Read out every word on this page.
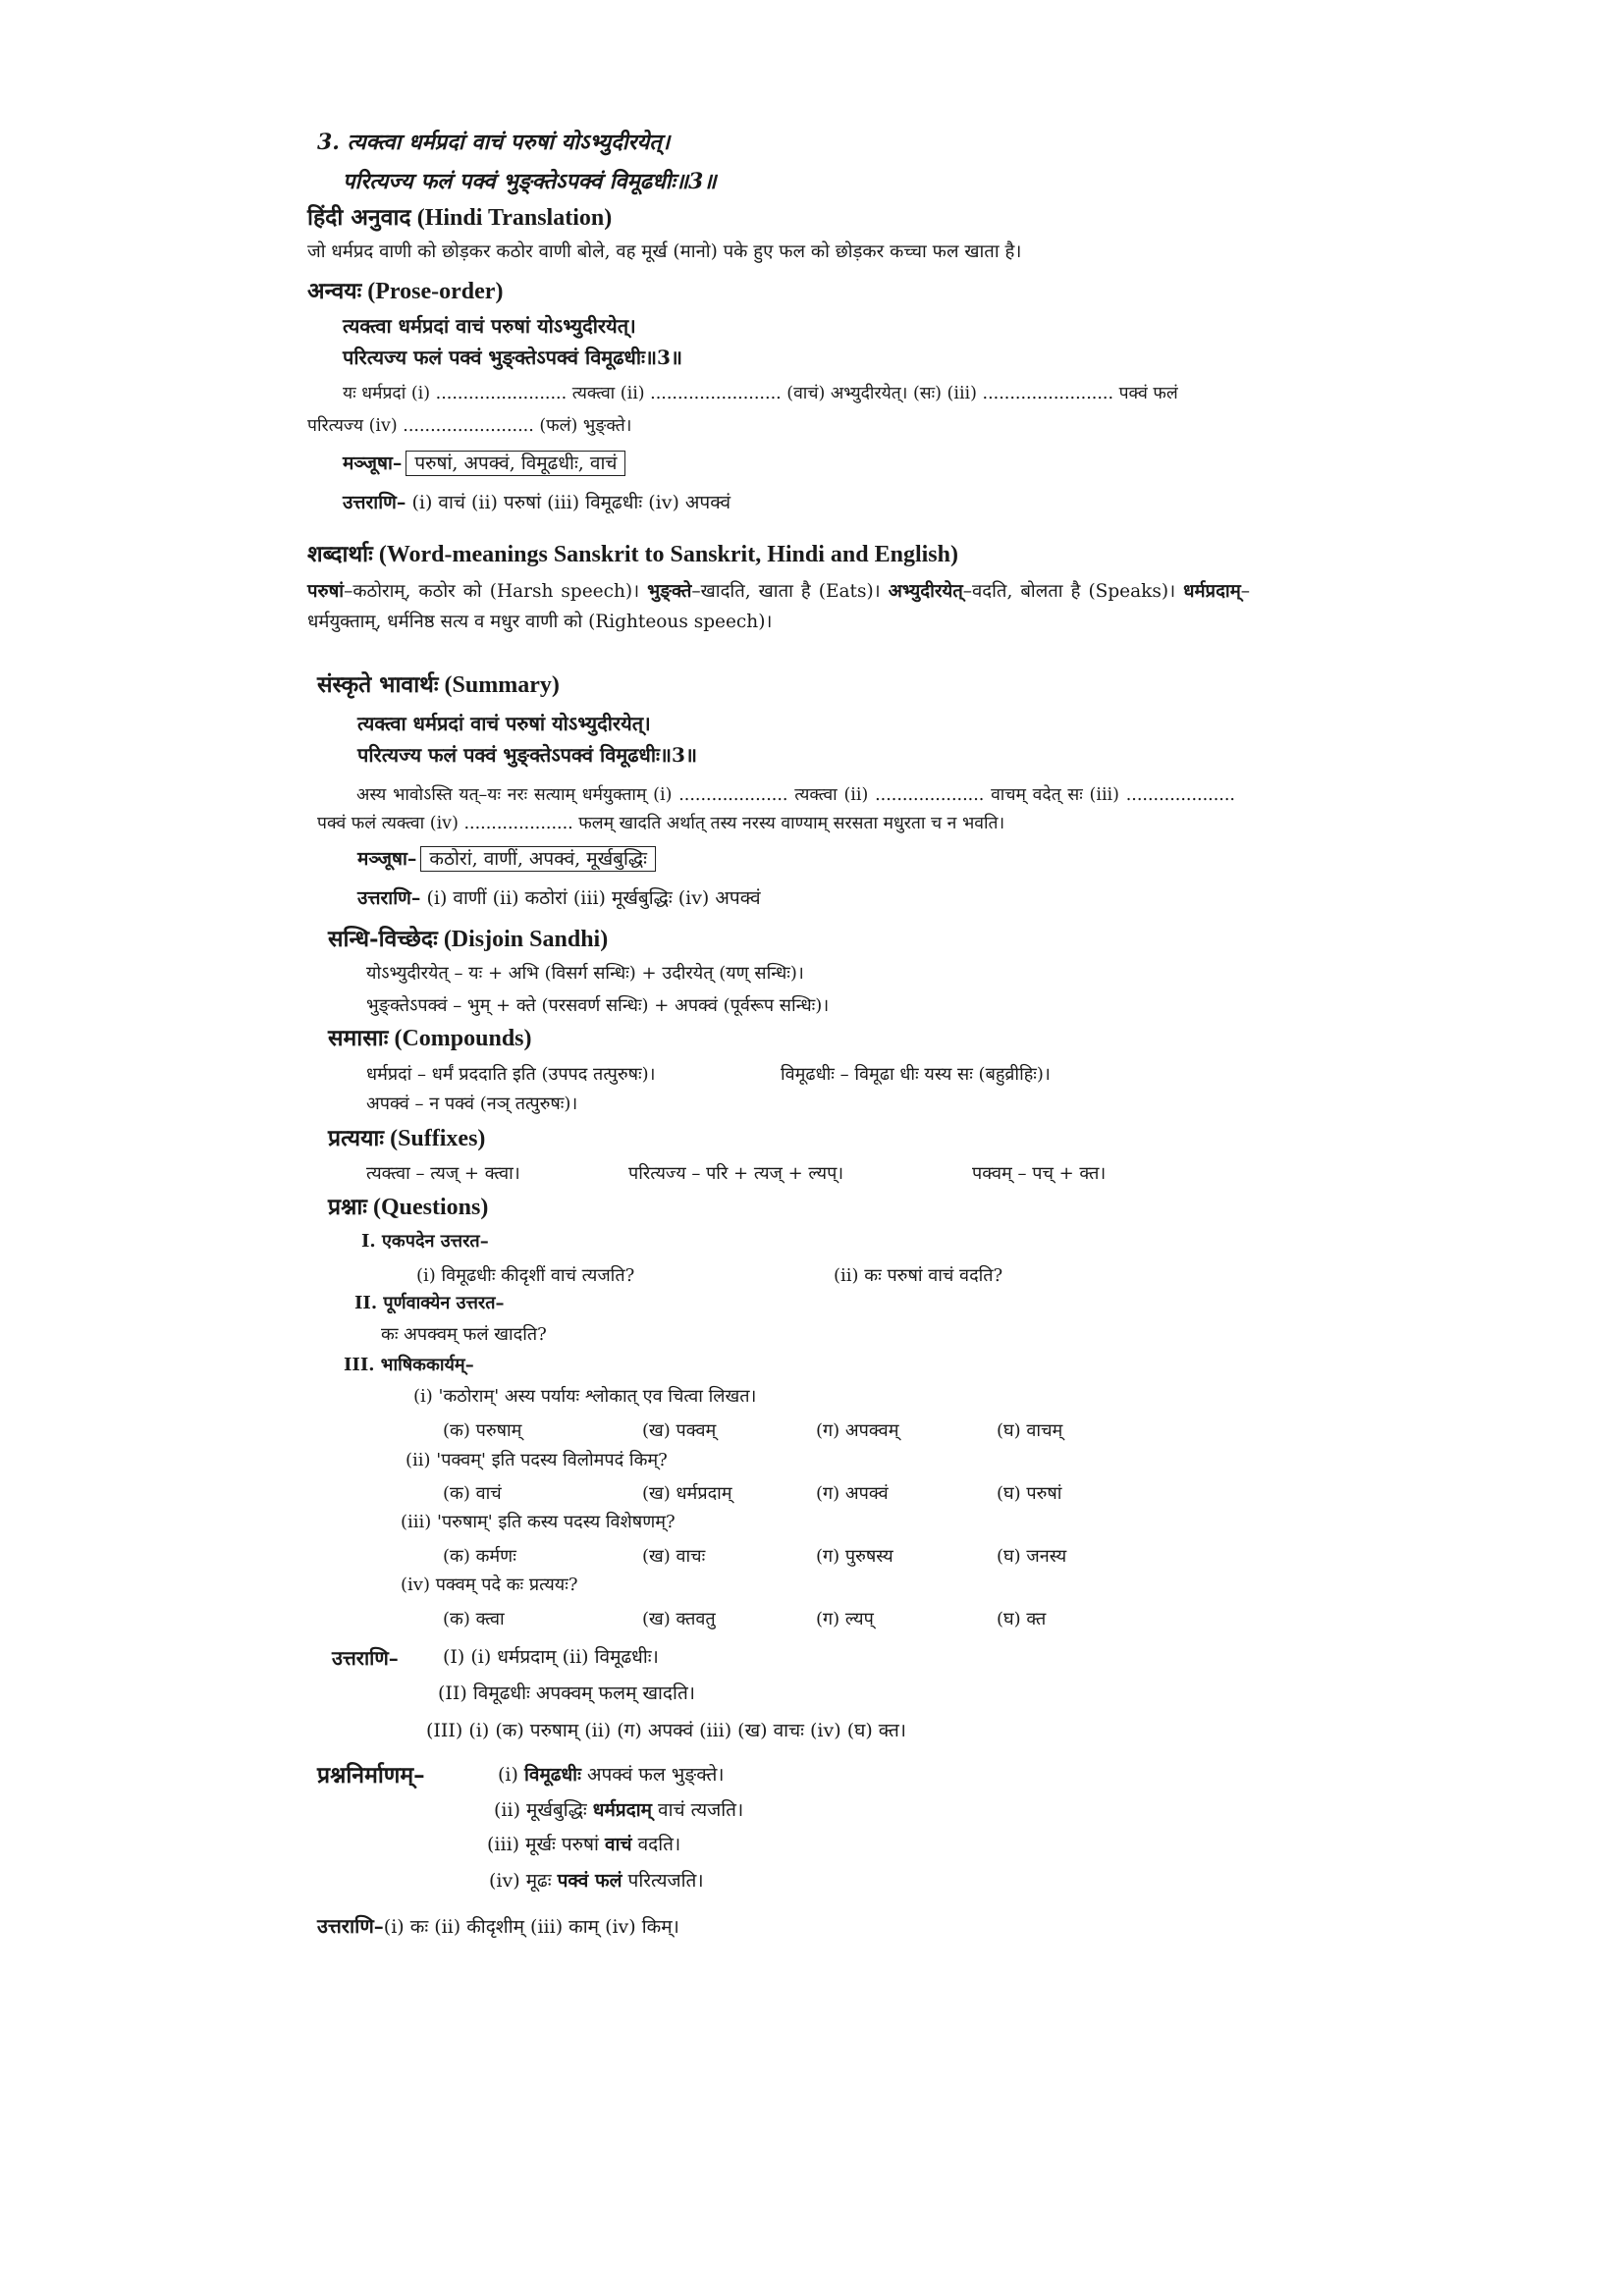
3. त्यक्त्वा धर्मप्रदां वाचं परुषां योऽभ्युदीरयेत्।
परित्यज्य फलं पक्वं भुङ्क्तेऽपक्वं विमूढधीः॥3॥
हिंदी अनुवाद (Hindi Translation)
जो धर्मप्रद वाणी को छोड़कर कठोर वाणी बोले, वह मूर्ख (मानो) पके हुए फल को छोड़कर कच्चा फल खाता है।
अन्वयः (Prose-order)
त्यक्त्वा धर्मप्रदां वाचं परुषां योऽभ्युदीरयेत्।
परित्यज्य फलं पक्वं भुङ्क्तेऽपक्वं विमूढधीः॥3॥
यः धर्मप्रदां (i) ........................ त्यक्त्वा (ii) ........................ (वाचं) अभ्युदीरयेत्। (सः) (iii) ........................ पक्वं फलं
परित्यज्य (iv) ........................ (फलं) भुङ्क्ते।
मञ्जूषा– परुषां, अपक्वं, विमूढधीः, वाचं
उत्तराणि– (i) वाचं (ii) परुषां (iii) विमूढधीः (iv) अपक्वं
शब्दार्थाः (Word-meanings Sanskrit to Sanskrit, Hindi and English)
परुषां–कठोराम्, कठोर को (Harsh speech)। भुङ्क्ते–खादति, खाता है (Eats)। अभ्युदीरयेत्–वदति, बोलता है (Speaks)। धर्मप्रदाम्–धर्मयुक्ताम्, धर्मनिष्ठ सत्य व मधुर वाणी को (Righteous speech)।
संस्कृते भावार्थः (Summary)
त्यक्त्वा धर्मप्रदां वाचं परुषां योऽभ्युदीरयेत्।
परित्यज्य फलं पक्वं भुङ्क्तेऽपक्वं विमूढधीः॥3॥
अस्य भावोऽस्ति यत्–यः नरः सत्याम् धर्मयुक्ताम् (i) .................... त्यक्त्वा (ii) .................... वाचम् वदेत् सः (iii) .................... पक्वं फलं त्यक्त्वा (iv) .................... फलम् खादति अर्थात् तस्य नरस्य वाण्याम् सरसता मधुरता च न भवति।
मञ्जूषा– कठोरां, वाणीं, अपक्वं, मूर्खबुद्धिः
उत्तराणि– (i) वाणीं (ii) कठोरां (iii) मूर्खबुद्धिः (iv) अपक्वं
सन्धि-विच्छेदः (Disjoin Sandhi)
योऽभ्युदीरयेत् – यः + अभि (विसर्ग सन्धिः) + उदीरयेत् (यण् सन्धिः)।
भुङ्क्तेऽपक्वं – भुम् + क्ते (परसवर्ण सन्धिः) + अपक्वं (पूर्वरूप सन्धिः)।
समासाः (Compounds)
धर्मप्रदां – धर्मं प्रददाति इति (उपपद तत्पुरुषः)।	विमूढधीः – विमूढा धीः यस्य सः (बहुव्रीहिः)।
अपक्वं – न पक्वं (नञ् तत्पुरुषः)।
प्रत्ययाः (Suffixes)
त्यक्त्वा – त्यज् + क्त्वा।	परित्यज्य – परि + त्यज् + ल्यप्।	पक्वम् – पच् + क्त।
प्रश्नाः (Questions)
I. एकपदेन उत्तरत–
(i) विमूढधीः कीदृशीं वाचं त्यजति?	(ii) कः परुषां वाचं वदति?
II. पूर्णवाक्येन उत्तरत–
कः अपक्वम् फलं खादति?
III. भाषिककार्यम्–
(i) 'कठोराम्' अस्य पर्यायः श्लोकात् एव चित्वा लिखत।
(क) परुषाम्	(ख) पक्वम्	(ग) अपक्वम्	(घ) वाचम्
(ii) 'पक्वम्' इति पदस्य विलोमपदं किम्?
(क) वाचं	(ख) धर्मप्रदाम्	(ग) अपक्वं	(घ) परुषां
(iii) 'परुषाम्' इति कस्य पदस्य विशेषणम्?
(क) कर्मणः	(ख) वाचः	(ग) पुरुषस्य	(घ) जनस्य
(iv) पक्वम् पदे कः प्रत्ययः?
(क) क्त्वा	(ख) क्तवतु	(ग) ल्यप्	(घ) क्त
उत्तराणि– (I) (i) धर्मप्रदाम् (ii) विमूढधीः।
(II) विमूढधीः अपक्वम् फलम् खादति।
(III) (i) (क) परुषाम् (ii) (ग) अपक्वं (iii) (ख) वाचः (iv) (घ) क्त।
प्रश्ननिर्माणम्–	(i) विमूढधीः अपक्वं फल भुङ्क्ते।
(ii) मूर्खबुद्धिः धर्मप्रदाम् वाचं त्यजति।
(iii) मूर्खः परुषां वाचं वदति।
(iv) मूढः पक्वं फलं परित्यजति।
उत्तराणि–(i) कः (ii) कीदृशीम् (iii) काम् (iv) किम्।
